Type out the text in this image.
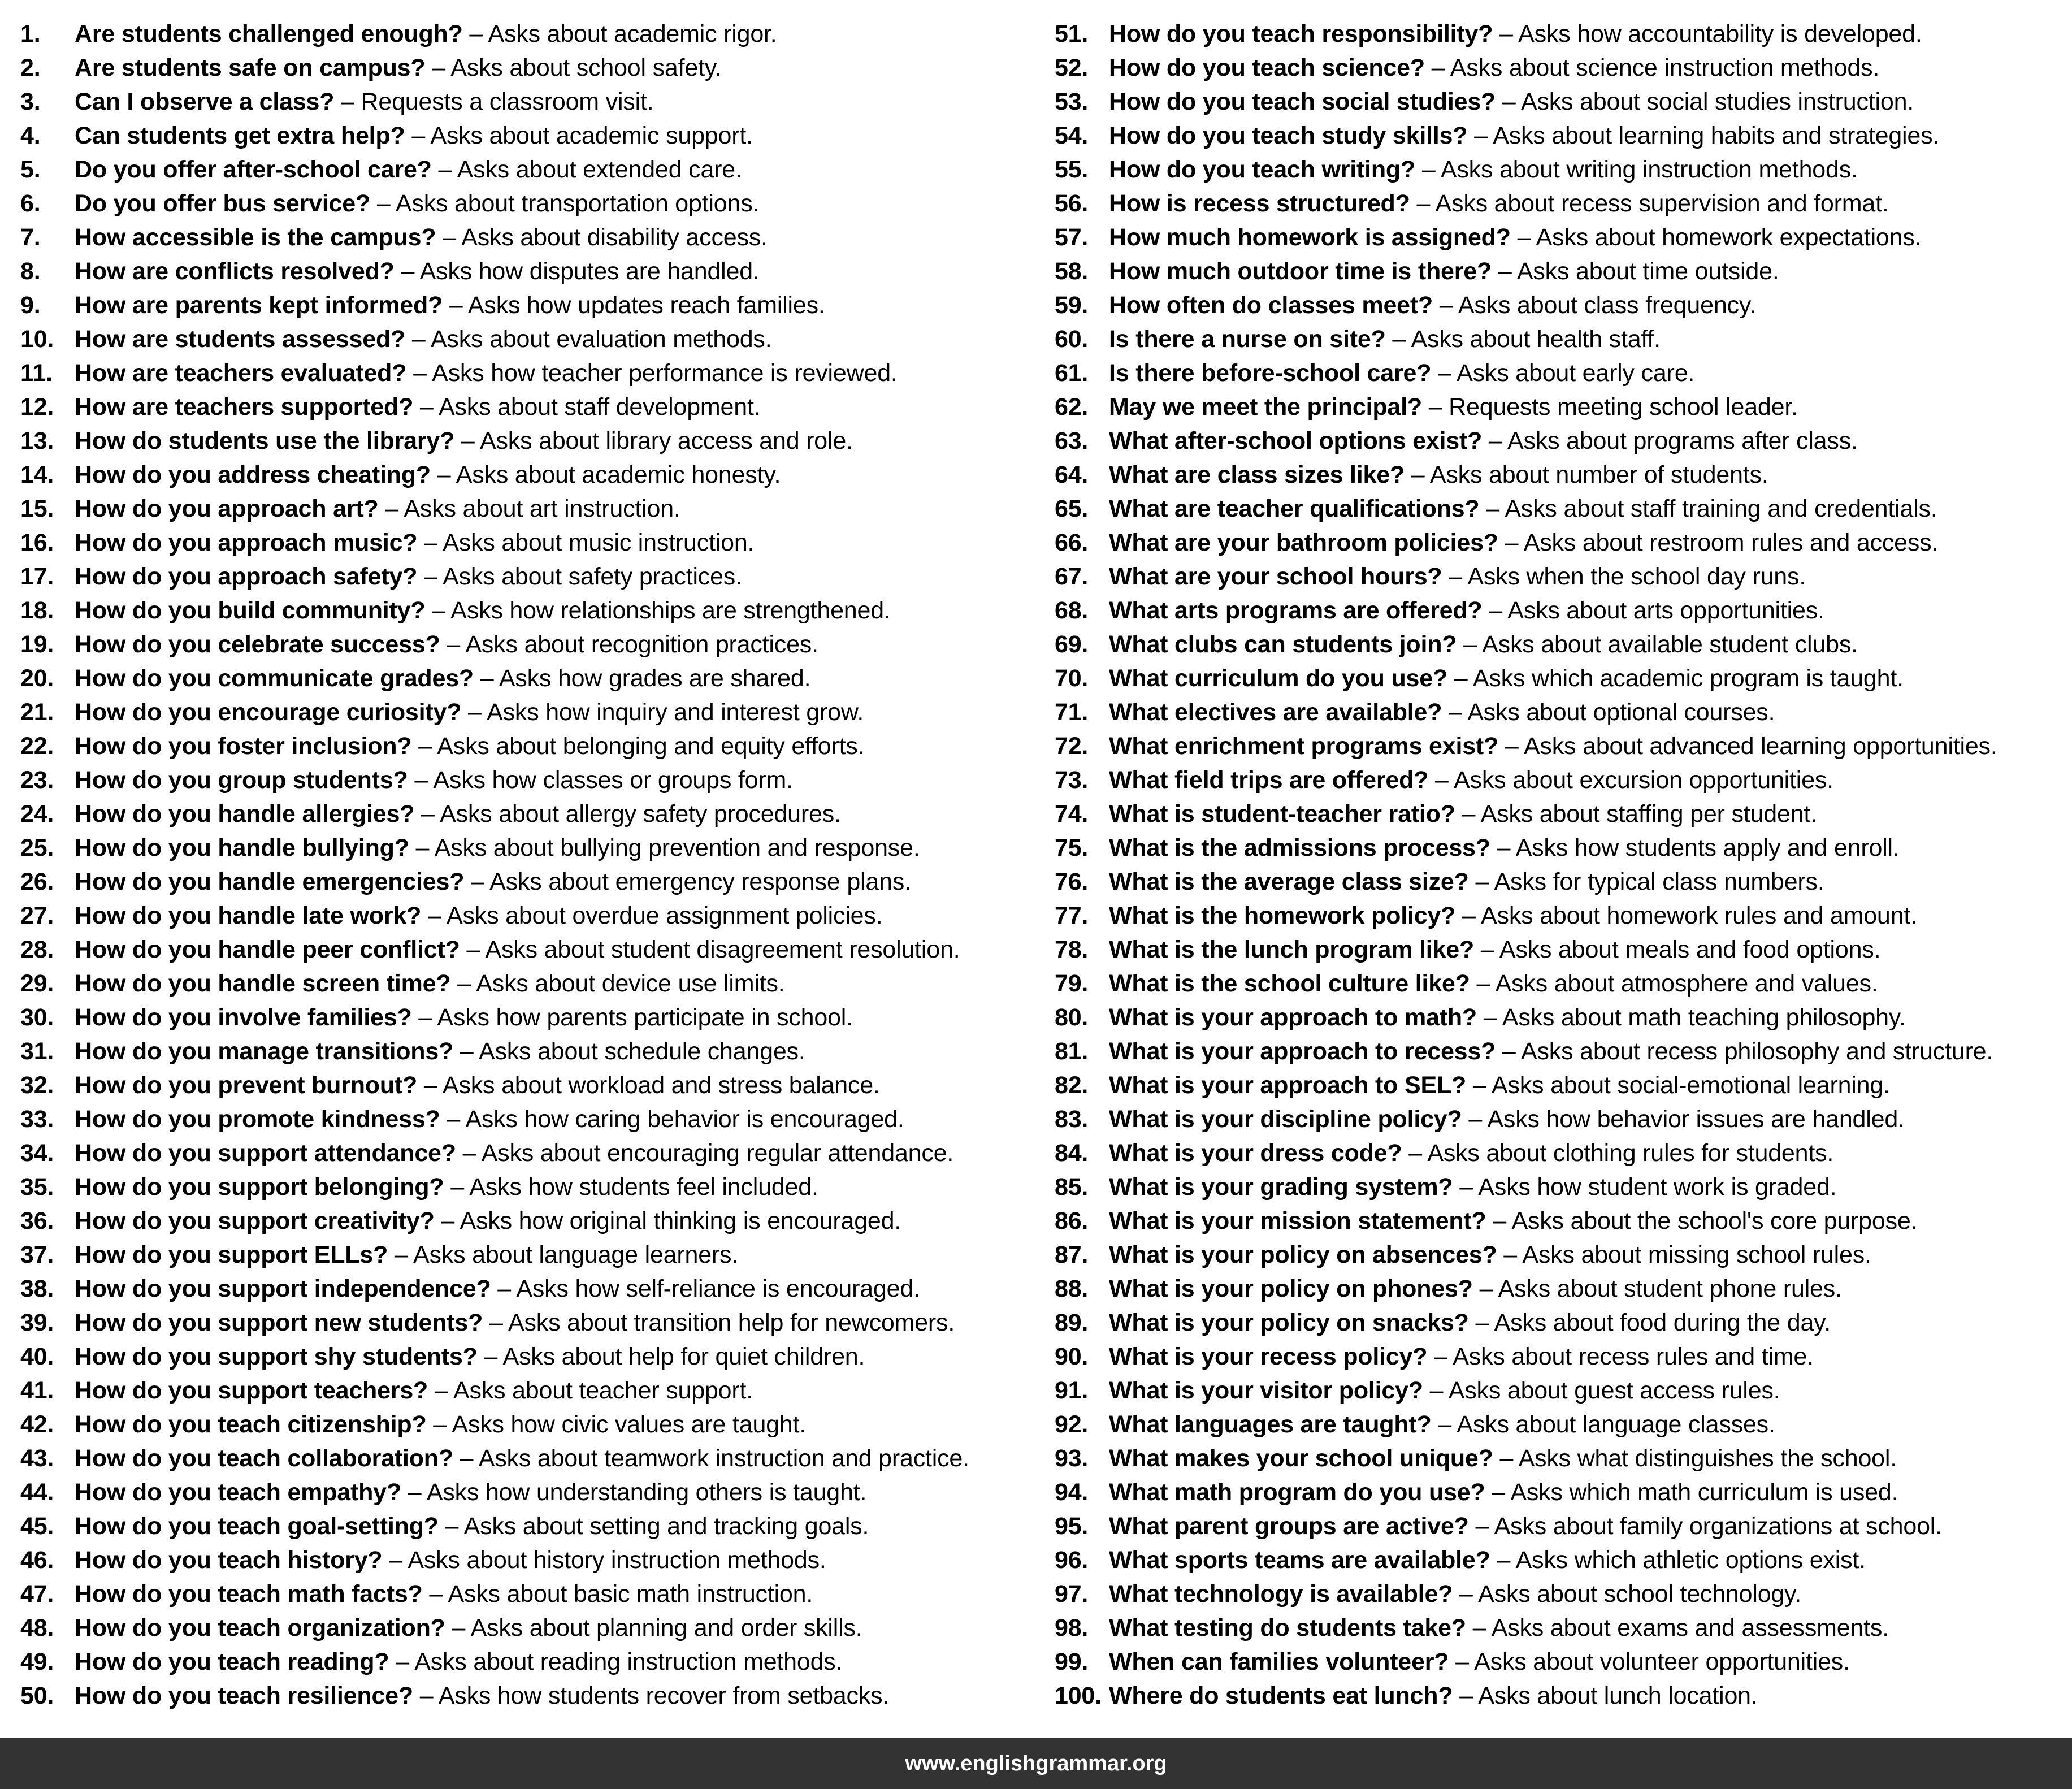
1. Are students challenged enough? – Asks about academic rigor.
2. Are students safe on campus? – Asks about school safety.
3. Can I observe a class? – Requests a classroom visit.
4. Can students get extra help? – Asks about academic support.
5. Do you offer after-school care? – Asks about extended care.
6. Do you offer bus service? – Asks about transportation options.
7. How accessible is the campus? – Asks about disability access.
8. How are conflicts resolved? – Asks how disputes are handled.
9. How are parents kept informed? – Asks how updates reach families.
10. How are students assessed? – Asks about evaluation methods.
11. How are teachers evaluated? – Asks how teacher performance is reviewed.
12. How are teachers supported? – Asks about staff development.
13. How do students use the library? – Asks about library access and role.
14. How do you address cheating? – Asks about academic honesty.
15. How do you approach art? – Asks about art instruction.
16. How do you approach music? – Asks about music instruction.
17. How do you approach safety? – Asks about safety practices.
18. How do you build community? – Asks how relationships are strengthened.
19. How do you celebrate success? – Asks about recognition practices.
20. How do you communicate grades? – Asks how grades are shared.
21. How do you encourage curiosity? – Asks how inquiry and interest grow.
22. How do you foster inclusion? – Asks about belonging and equity efforts.
23. How do you group students? – Asks how classes or groups form.
24. How do you handle allergies? – Asks about allergy safety procedures.
25. How do you handle bullying? – Asks about bullying prevention and response.
26. How do you handle emergencies? – Asks about emergency response plans.
27. How do you handle late work? – Asks about overdue assignment policies.
28. How do you handle peer conflict? – Asks about student disagreement resolution.
29. How do you handle screen time? – Asks about device use limits.
30. How do you involve families? – Asks how parents participate in school.
31. How do you manage transitions? – Asks about schedule changes.
32. How do you prevent burnout? – Asks about workload and stress balance.
33. How do you promote kindness? – Asks how caring behavior is encouraged.
34. How do you support attendance? – Asks about encouraging regular attendance.
35. How do you support belonging? – Asks how students feel included.
36. How do you support creativity? – Asks how original thinking is encouraged.
37. How do you support ELLs? – Asks about language learners.
38. How do you support independence? – Asks how self-reliance is encouraged.
39. How do you support new students? – Asks about transition help for newcomers.
40. How do you support shy students? – Asks about help for quiet children.
41. How do you support teachers? – Asks about teacher support.
42. How do you teach citizenship? – Asks how civic values are taught.
43. How do you teach collaboration? – Asks about teamwork instruction and practice.
44. How do you teach empathy? – Asks how understanding others is taught.
45. How do you teach goal-setting? – Asks about setting and tracking goals.
46. How do you teach history? – Asks about history instruction methods.
47. How do you teach math facts? – Asks about basic math instruction.
48. How do you teach organization? – Asks about planning and order skills.
49. How do you teach reading? – Asks about reading instruction methods.
50. How do you teach resilience? – Asks how students recover from setbacks.
51. How do you teach responsibility? – Asks how accountability is developed.
52. How do you teach science? – Asks about science instruction methods.
53. How do you teach social studies? – Asks about social studies instruction.
54. How do you teach study skills? – Asks about learning habits and strategies.
55. How do you teach writing? – Asks about writing instruction methods.
56. How is recess structured? – Asks about recess supervision and format.
57. How much homework is assigned? – Asks about homework expectations.
58. How much outdoor time is there? – Asks about time outside.
59. How often do classes meet? – Asks about class frequency.
60. Is there a nurse on site? – Asks about health staff.
61. Is there before-school care? – Asks about early care.
62. May we meet the principal? – Requests meeting school leader.
63. What after-school options exist? – Asks about programs after class.
64. What are class sizes like? – Asks about number of students.
65. What are teacher qualifications? – Asks about staff training and credentials.
66. What are your bathroom policies? – Asks about restroom rules and access.
67. What are your school hours? – Asks when the school day runs.
68. What arts programs are offered? – Asks about arts opportunities.
69. What clubs can students join? – Asks about available student clubs.
70. What curriculum do you use? – Asks which academic program is taught.
71. What electives are available? – Asks about optional courses.
72. What enrichment programs exist? – Asks about advanced learning opportunities.
73. What field trips are offered? – Asks about excursion opportunities.
74. What is student-teacher ratio? – Asks about staffing per student.
75. What is the admissions process? – Asks how students apply and enroll.
76. What is the average class size? – Asks for typical class numbers.
77. What is the homework policy? – Asks about homework rules and amount.
78. What is the lunch program like? – Asks about meals and food options.
79. What is the school culture like? – Asks about atmosphere and values.
80. What is your approach to math? – Asks about math teaching philosophy.
81. What is your approach to recess? – Asks about recess philosophy and structure.
82. What is your approach to SEL? – Asks about social-emotional learning.
83. What is your discipline policy? – Asks how behavior issues are handled.
84. What is your dress code? – Asks about clothing rules for students.
85. What is your grading system? – Asks how student work is graded.
86. What is your mission statement? – Asks about the school's core purpose.
87. What is your policy on absences? – Asks about missing school rules.
88. What is your policy on phones? – Asks about student phone rules.
89. What is your policy on snacks? – Asks about food during the day.
90. What is your recess policy? – Asks about recess rules and time.
91. What is your visitor policy? – Asks about guest access rules.
92. What languages are taught? – Asks about language classes.
93. What makes your school unique? – Asks what distinguishes the school.
94. What math program do you use? – Asks which math curriculum is used.
95. What parent groups are active? – Asks about family organizations at school.
96. What sports teams are available? – Asks which athletic options exist.
97. What technology is available? – Asks about school technology.
98. What testing do students take? – Asks about exams and assessments.
99. When can families volunteer? – Asks about volunteer opportunities.
100. Where do students eat lunch? – Asks about lunch location.
www.englishgrammar.org
